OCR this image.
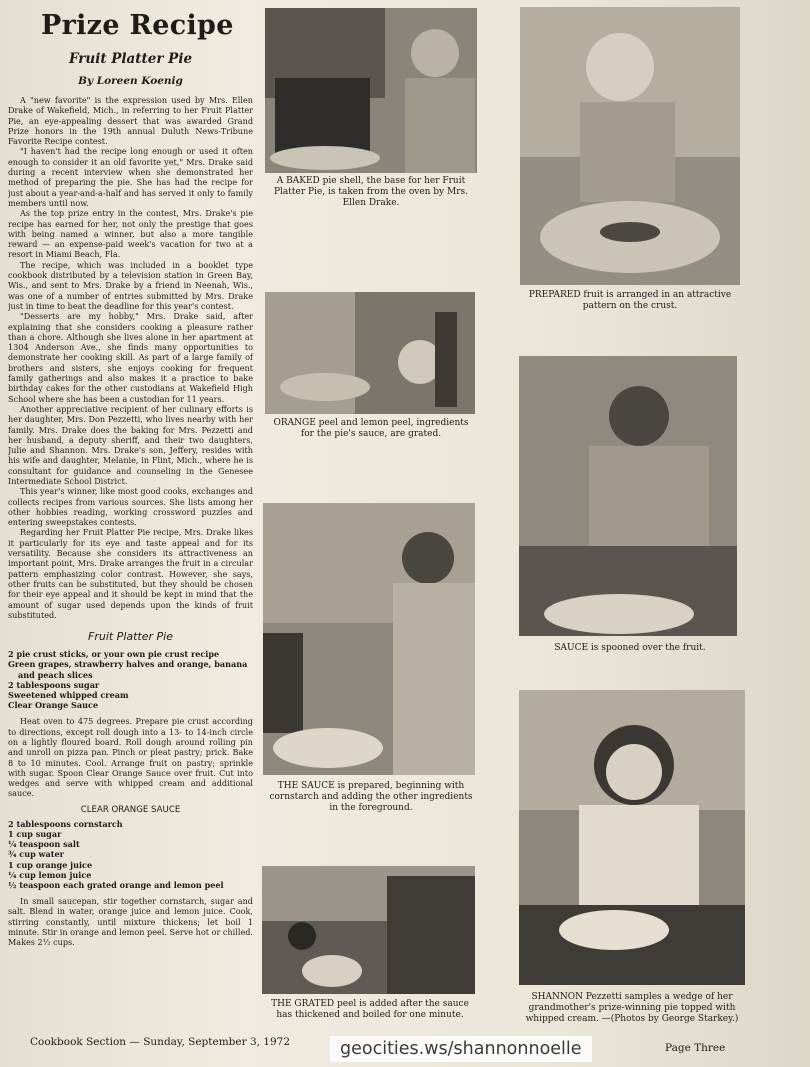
Prize Recipe
Fruit Platter Pie
By Loreen Koenig

A "new favorite" is the expression used by Mrs. Ellen Drake of Wakefield, Mich., in referring to her Fruit Platter Pie, an eye-appealing dessert that was awarded Grand Prize honors in the 19th annual Duluth News-Tribune Favorite Recipe contest.

"I haven't had the recipe long enough or used it often enough to consider it an old favorite yet," Mrs. Drake said during a recent interview when she demonstrated her method of preparing the pie. She has had the recipe for just about a year-and-a-half and has served it only to family members until now.

As the top prize entry in the contest, Mrs. Drake's pie recipe has earned for her, not only the prestige that goes with being named a winner, but also a more tangible reward — an expense-paid week's vacation for two at a resort in Miami Beach, Fla.

The recipe, which was included in a booklet type cookbook distributed by a television station in Green Bay, Wis., and sent to Mrs. Drake by a friend in Neenah, Wis., was one of a number of entries submitted by Mrs. Drake just in time to beat the deadline for this year's contest.

"Desserts are my hobby," Mrs. Drake said, after explaining that she considers cooking a pleasure rather than a chore. Although she lives alone in her apartment at 1304 Anderson Ave., she finds many opportunities to demonstrate her cooking skill. As part of a large family of brothers and sisters, she enjoys cooking for frequent family gatherings and also makes it a practice to bake birthday cakes for the other custodians at Wakefield High School where she has been a custodian for 11 years.

Another appreciative recipient of her culinary efforts is her daughter, Mrs. Don Pezzetti, who lives nearby with her family. Mrs. Drake does the baking for Mrs. Pezzetti and her husband, a deputy sheriff, and their two daughters, Julie and Shannon. Mrs. Drake's son, Jeffery, resides with his wife and daughter, Melanie, in Flint, Mich., where he is consultant for guidance and counseling in the Genesee Intermediate School District.

This year's winner, like most good cooks, exchanges and collects recipes from various sources. She lists among her other hobbies reading, working crossword puzzles and entering sweepstakes contests.

Regarding her Fruit Platter Pie recipe, Mrs. Drake likes it particularly for its eye and taste appeal and for its versatility. Because she considers its attractiveness an important point, Mrs. Drake arranges the fruit in a circular pattern emphasizing color contrast. However, she says, other fruits can be substituted, but they should be chosen for their eye appeal and it should be kept in mind that the amount of sugar used depends upon the kinds of fruit substituted.

Fruit Platter Pie
2 pie crust sticks, or your own pie crust recipe
Green grapes, strawberry halves and orange, banana and peach slices
2 tablespoons sugar
Sweetened whipped cream
Clear Orange Sauce

Heat oven to 475 degrees. Prepare pie crust according to directions, except roll dough into a 13- to 14-inch circle on a lightly floured board. Roll dough around rolling pin and unroll on pizza pan. Pinch or pleat pastry; prick. Bake 8 to 10 minutes. Cool. Arrange fruit on pastry; sprinkle with sugar. Spoon Clear Orange Sauce over fruit. Cut into wedges and serve with whipped cream and additional sauce.

CLEAR ORANGE SAUCE
2 tablespoons cornstarch
1 cup sugar
¼ teaspoon salt
¾ cup water
1 cup orange juice
¼ cup lemon juice
½ teaspoon each grated orange and lemon peel

In small saucepan, stir together cornstarch, sugar and salt. Blend in water, orange juice and lemon juice. Cook, stirring constantly, until mixture thickens; let boil 1 minute. Stir in orange and lemon peel. Serve hot or chilled. Makes 2½ cups.

A BAKED pie shell, the base for her Fruit Platter Pie, is taken from the oven by Mrs. Ellen Drake.
ORANGE peel and lemon peel, ingredients for the pie's sauce, are grated.
THE SAUCE is prepared, beginning with cornstarch and adding the other ingredients in the foreground.
THE GRATED peel is added after the sauce has thickened and boiled for one minute.
PREPARED fruit is arranged in an attractive pattern on the crust.
SAUCE is spooned over the fruit.
SHANNON Pezzetti samples a wedge of her grandmother's prize-winning pie topped with whipped cream. —(Photos by George Starkey.)
Cookbook Section — Sunday, September 3, 1972	geocities.ws/shannonnoelle	Page Three
